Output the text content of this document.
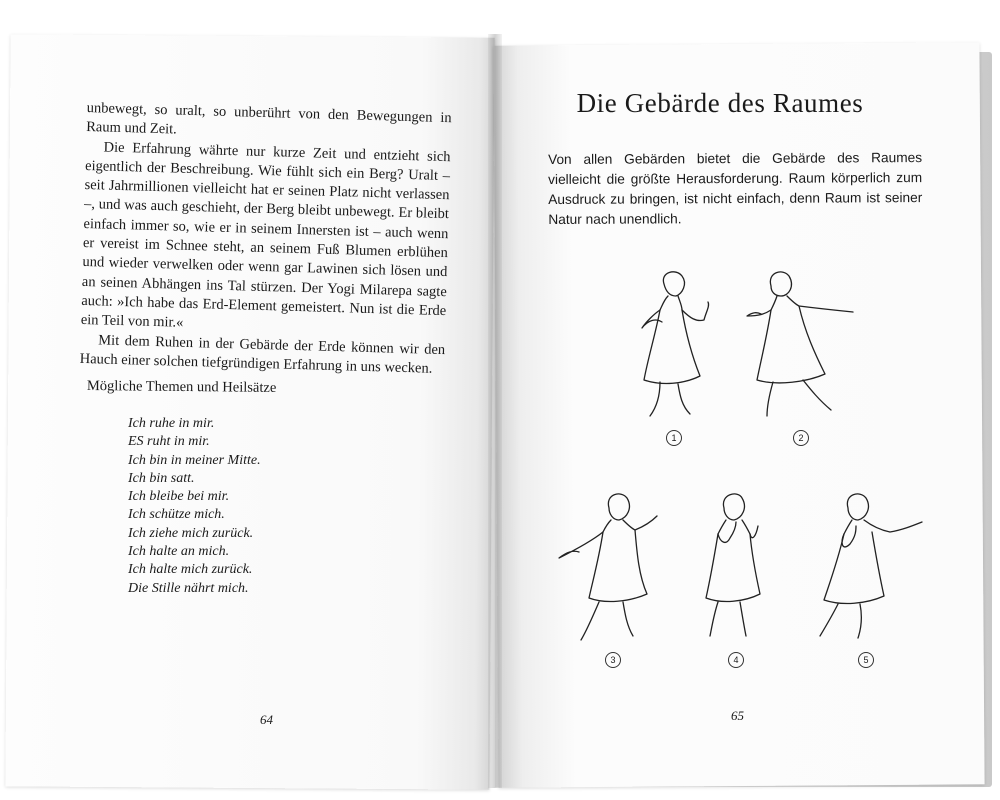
unbewegt, so uralt, so unberührt von den Bewegungen in Raum und Zeit.

Die Erfahrung währte nur kurze Zeit und entzieht sich eigentlich der Beschreibung. Wie fühlt sich ein Berg? Uralt – seit Jahrmillionen vielleicht hat er seinen Platz nicht verlassen –, und was auch geschieht, der Berg bleibt unbewegt. Er bleibt einfach immer so, wie er in seinem Innersten ist – auch wenn er vereist im Schnee steht, an seinem Fuß Blumen erblühen und wieder verwelken oder wenn gar Lawinen sich lösen und an seinen Abhängen ins Tal stürzen. Der Yogi Milarepa sagte auch: »Ich habe das Erd-Element gemeistert. Nun ist die Erde ein Teil von mir.«

Mit dem Ruhen in der Gebärde der Erde können wir den Hauch einer solchen tiefgründigen Erfahrung in uns wecken.

Mögliche Themen und Heilsätze

Ich ruhe in mir.
ES ruht in mir.
Ich bin in meiner Mitte.
Ich bin satt.
Ich bleibe bei mir.
Ich schütze mich.
Ich ziehe mich zurück.
Ich halte an mich.
Ich halte mich zurück.
Die Stille nährt mich.

64

Die Gebärde des Raumes

Von allen Gebärden bietet die Gebärde des Raumes vielleicht die größte Herausforderung. Raum körperlich zum Ausdruck zu bringen, ist nicht einfach, denn Raum ist seiner Natur nach unendlich.

1	2

3	4	5

65
